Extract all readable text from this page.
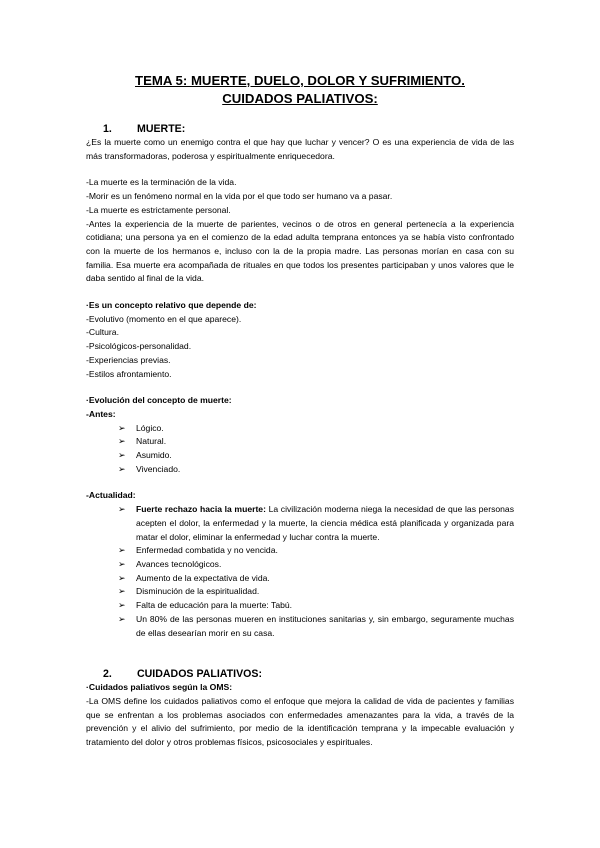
TEMA 5: MUERTE, DUELO, DOLOR Y SUFRIMIENTO. CUIDADOS PALIATIVOS:
1. MUERTE:

¿Es la muerte como un enemigo contra el que hay que luchar y vencer? O es una experiencia de vida de las más transformadoras, poderosa y espiritualmente enriquecedora.

-La muerte es la terminación de la vida.

-Morir es un fenómeno normal en la vida por el que todo ser humano va a pasar.

-La muerte es estrictamente personal.

-Antes la experiencia de la muerte de parientes, vecinos o de otros en general pertenecía a la experiencia cotidiana; una persona ya en el comienzo de la edad adulta temprana entonces ya se había visto confrontado con la muerte de los hermanos e, incluso con la de la propia madre. Las personas morían en casa con su familia. Esa muerte era acompañada de rituales en que todos los presentes participaban y unos valores que le daba sentido al final de la vida.

·Es un concepto relativo que depende de:

-Evolutivo (momento en el que aparece).

-Cultura.

-Psicológicos-personalidad.

-Experiencias previas.

-Estilos afrontamiento.

·Evolución del concepto de muerte:

-Antes:

➢ Lógico.
➢ Natural.
➢ Asumido.
➢ Vivenciado.

-Actualidad:

➢ Fuerte rechazo hacia la muerte: La civilización moderna niega la necesidad de que las personas acepten el dolor, la enfermedad y la muerte, la ciencia médica está planificada y organizada para matar el dolor, eliminar la enfermedad y luchar contra la muerte.
➢ Enfermedad combatida y no vencida.
➢ Avances tecnológicos.
➢ Aumento de la expectativa de vida.
➢ Disminución de la espiritualidad.
➢ Falta de educación para la muerte: Tabú.
➢ Un 80% de las personas mueren en instituciones sanitarias y, sin embargo, seguramente muchas de ellas desearían morir en su casa.
2. CUIDADOS PALIATIVOS:

·Cuidados paliativos según la OMS:

-La OMS define los cuidados paliativos como el enfoque que mejora la calidad de vida de pacientes y familias que se enfrentan a los problemas asociados con enfermedades amenazantes para la vida, a través de la prevención y el alivio del sufrimiento, por medio de la identificación temprana y la impecable evaluación y tratamiento del dolor y otros problemas físicos, psicosociales y espirituales.
